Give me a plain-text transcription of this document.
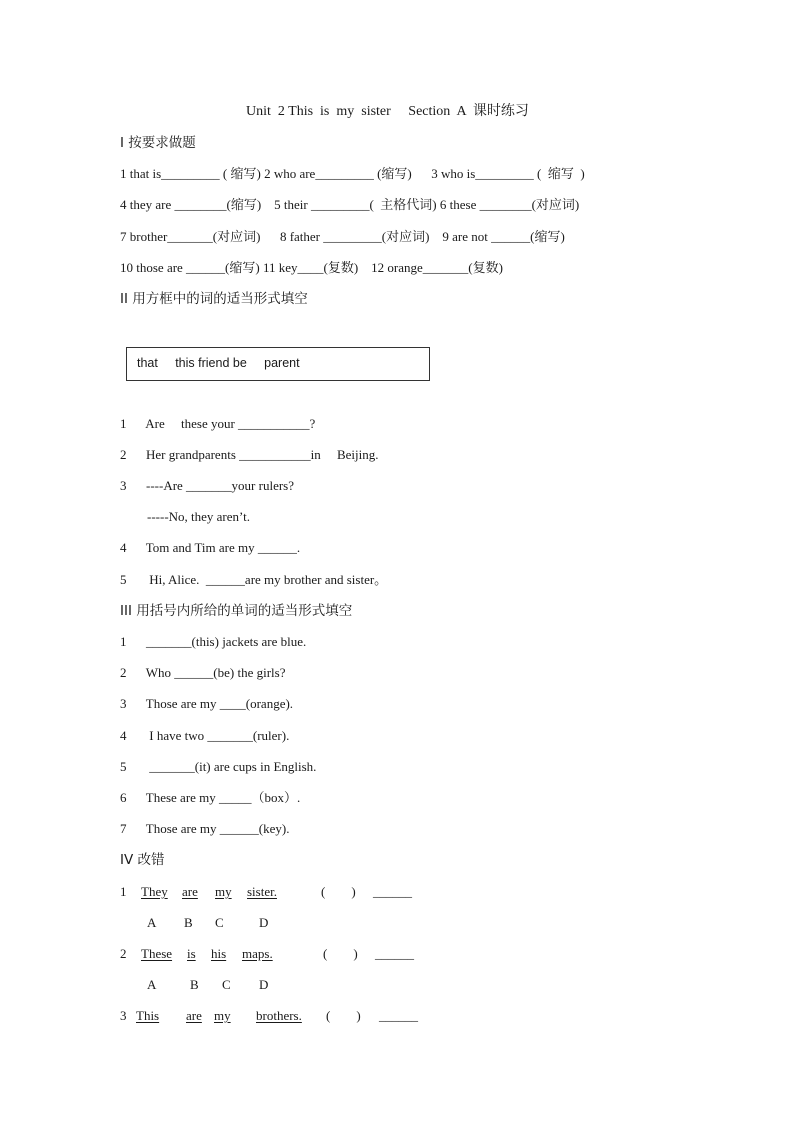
Unit  2 This  is  my  sister     Section  A  课时练习
I 按要求做题
1 that is_________ ( 缩写) 2 who are_________ (缩写)      3 who is_________ (  缩写  )
4 they are ________(缩写)    5 their _________(  主格代词) 6 these ________(对应词)
7 brother_______(对应词)      8 father _________(对应词)    9 are not ______(缩写)
10 those are ______(缩写) 11 key____(复数)    12 orange_______(复数)
II 用方框中的词的适当形式填空
that     this friend be     parent
1      Are     these your ___________?
2      Her grandparents ___________in     Beijing.
3      ----Are _______your rulers?
-----No, they aren’t.
4      Tom and Tim are my ______.
5       Hi, Alice.  ______are my brother and sister。
III 用括号内所给的单词的适当形式填空
1      _______(this) jackets are blue.
2      Who ______(be) the girls?
3      Those are my ____(orange).
4       I have two _______(ruler).
5       _______(it) are cups in English.
6      These are my _____（box）.
7      Those are my ______(key).
IV 改错
1 They are my sister.	(        ) ______
A B C	D
2 These is his maps.	(        ) ______
A	B C D
3 This are my brothers. (        ) ______
